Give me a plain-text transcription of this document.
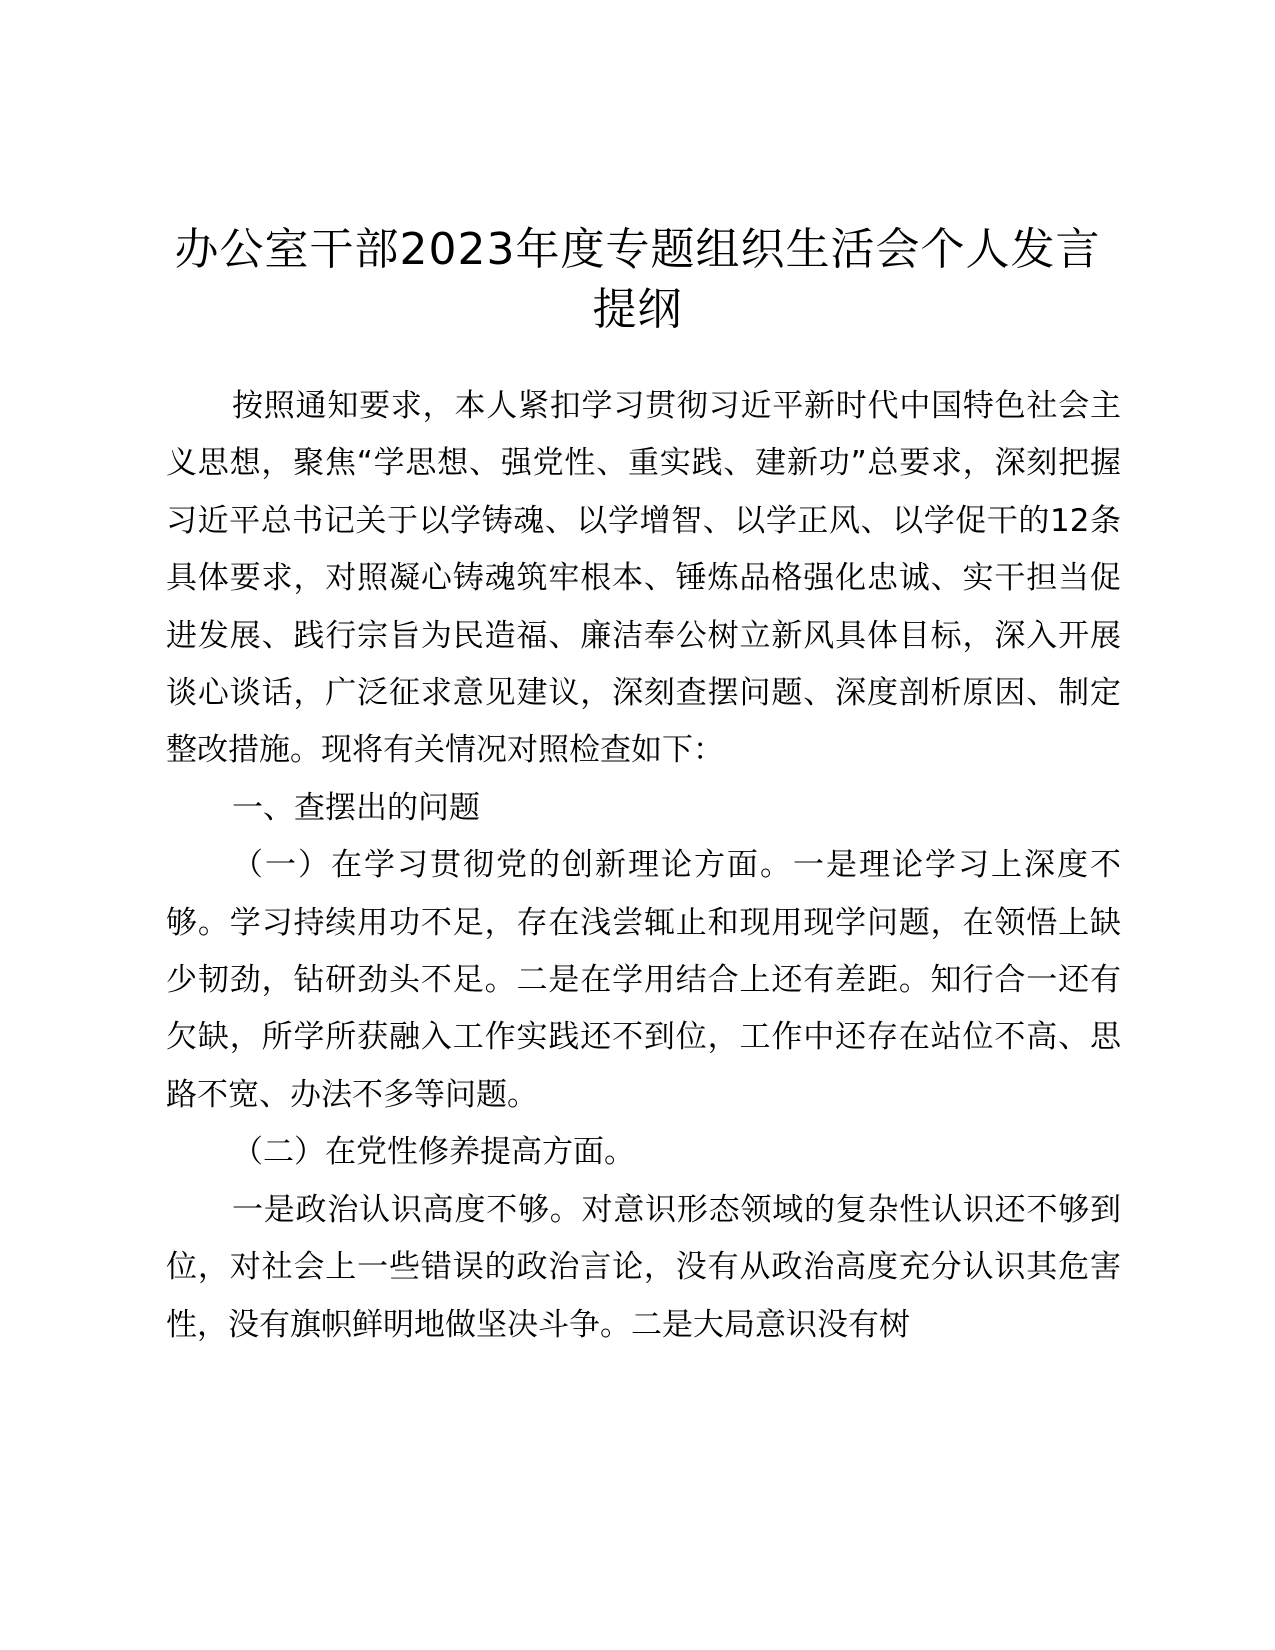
办公室干部2023年度专题组织生活会个人发言提纲

按照通知要求，本人紧扣学习贯彻习近平新时代中国特色社会主义思想，聚焦“学思想、强党性、重实践、建新功”总要求，深刻把握习近平总书记关于以学铸魂、以学增智、以学正风、以学促干的12条具体要求，对照凝心铸魂筑牢根本、锤炼品格强化忠诚、实干担当促进发展、践行宗旨为民造福、廉洁奉公树立新风具体目标，深入开展谈心谈话，广泛征求意见建议，深刻查摆问题、深度剖析原因、制定整改措施。现将有关情况对照检查如下：

一、查摆出的问题

（一）在学习贯彻党的创新理论方面。一是理论学习上深度不够。学习持续用功不足，存在浅尝辄止和现用现学问题，在领悟上缺少韧劲，钻研劲头不足。二是在学用结合上还有差距。知行合一还有欠缺，所学所获融入工作实践还不到位，工作中还存在站位不高、思路不宽、办法不多等问题。

（二）在党性修养提高方面。

一是政治认识高度不够。对意识形态领域的复杂性认识还不够到位，对社会上一些错误的政治言论，没有从政治高度充分认识其危害性，没有旗帜鲜明地做坚决斗争。二是大局意识没有树
